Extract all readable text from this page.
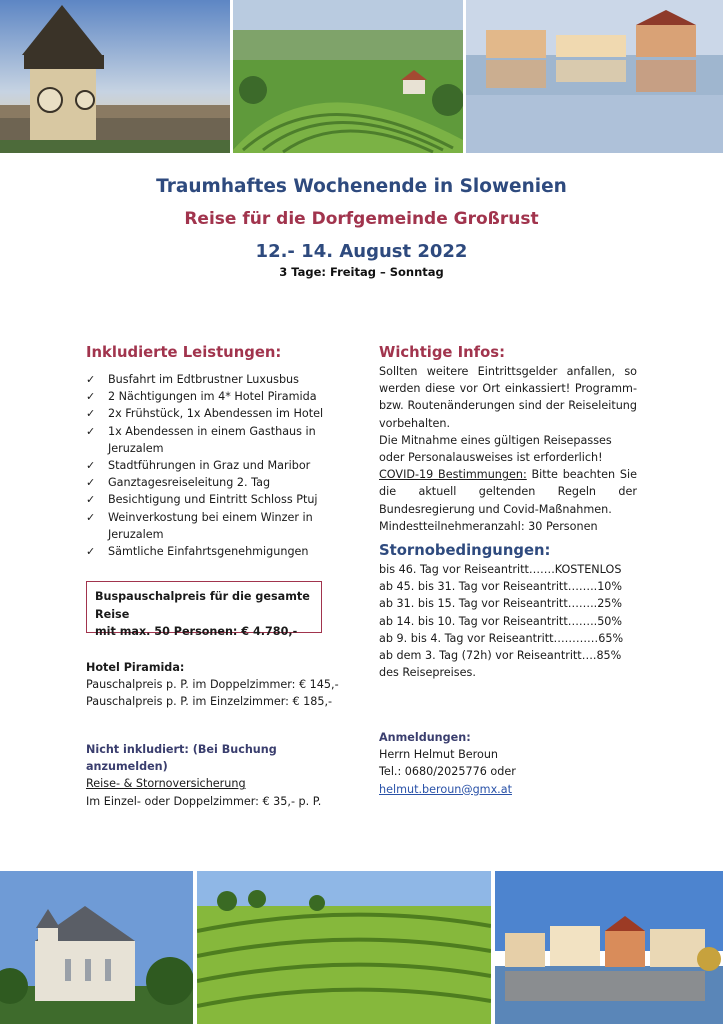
Traumhaftes Wochenende in Slowenien
Reise für die Dorfgemeinde Großrust
12.- 14. August 2022
3 Tage: Freitag – Sonntag
Inkludierte Leistungen:
✓ Busfahrt im Edtbrustner Luxusbus
✓ 2 Nächtigungen im 4* Hotel Piramida
✓ 2x Frühstück, 1x Abendessen im Hotel
✓ 1x Abendessen in einem Gasthaus in Jeruzalem
✓ Stadtführungen in Graz und Maribor
✓ Ganztagesreiseleitung 2. Tag
✓ Besichtigung und Eintritt Schloss Ptuj
✓ Weinverkostung bei einem Winzer in Jeruzalem
✓ Sämtliche Einfahrtsgenehmigungen
Buspauschalpreis für die gesamte Reise
mit max. 50 Personen: € 4.780,-
Hotel Piramida:
Pauschalpreis p. P. im Doppelzimmer: € 145,-
Pauschalpreis p. P. im Einzelzimmer: € 185,-
Nicht inkludiert: (Bei Buchung anzumelden)
Reise- & Stornoversicherung
Im Einzel- oder Doppelzimmer: € 35,- p. P.
Wichtige Infos:
Sollten weitere Eintrittsgelder anfallen, so werden diese vor Ort einkassiert! Programm- bzw. Routenänderungen sind der Reiseleitung vorbehalten.
Die Mitnahme eines gültigen Reisepasses oder Personalausweises ist erforderlich!
COVID-19 Bestimmungen: Bitte beachten Sie die aktuell geltenden Regeln der Bundesregierung und Covid-Maßnahmen.
Mindestteilnehmeranzahl: 30 Personen
Stornobedingungen:
bis 46. Tag vor Reiseantritt…….KOSTENLOS
ab 45. bis 31. Tag vor Reiseantritt……..10%
ab 31. bis 15. Tag vor Reiseantritt……..25%
ab 14. bis 10. Tag vor Reiseantritt……..50%
ab 9. bis 4. Tag vor Reiseantritt…………65%
ab dem 3. Tag (72h) vor Reiseantritt….85%
des Reisepreises.
Anmeldungen:
Herrn Helmut Beroun
Tel.: 0680/2025776 oder
helmut.beroun@gmx.at
